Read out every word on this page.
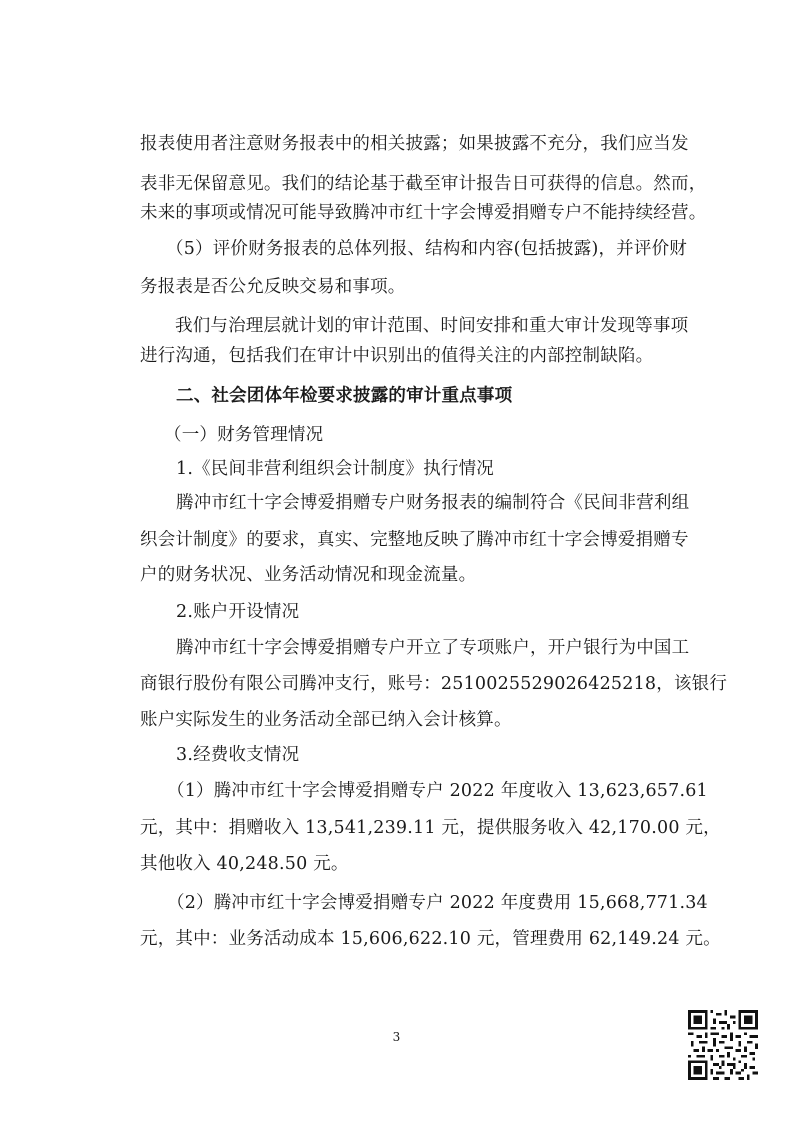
报表使用者注意财务报表中的相关披露；如果披露不充分，我们应当发
表非无保留意见。我们的结论基于截至审计报告日可获得的信息。然而，
未来的事项或情况可能导致腾冲市红十字会博爱捐赠专户不能持续经营。
（5）评价财务报表的总体列报、结构和内容(包括披露)，并评价财
务报表是否公允反映交易和事项。
我们与治理层就计划的审计范围、时间安排和重大审计发现等事项
进行沟通，包括我们在审计中识别出的值得关注的内部控制缺陷。
二、社会团体年检要求披露的审计重点事项
（一）财务管理情况
1.《民间非营利组织会计制度》执行情况
腾冲市红十字会博爱捐赠专户财务报表的编制符合《民间非营利组
织会计制度》的要求，真实、完整地反映了腾冲市红十字会博爱捐赠专
户的财务状况、业务活动情况和现金流量。
2.账户开设情况
腾冲市红十字会博爱捐赠专户开立了专项账户，开户银行为中国工
商银行股份有限公司腾冲支行，账号：2510025529026425218，该银行
账户实际发生的业务活动全部已纳入会计核算。
3.经费收支情况
（1）腾冲市红十字会博爱捐赠专户 2022 年度收入 13,623,657.61
元，其中：捐赠收入 13,541,239.11 元，提供服务收入 42,170.00 元，
其他收入 40,248.50 元。
（2）腾冲市红十字会博爱捐赠专户 2022 年度费用 15,668,771.34
元，其中：业务活动成本 15,606,622.10 元，管理费用 62,149.24 元。
3
